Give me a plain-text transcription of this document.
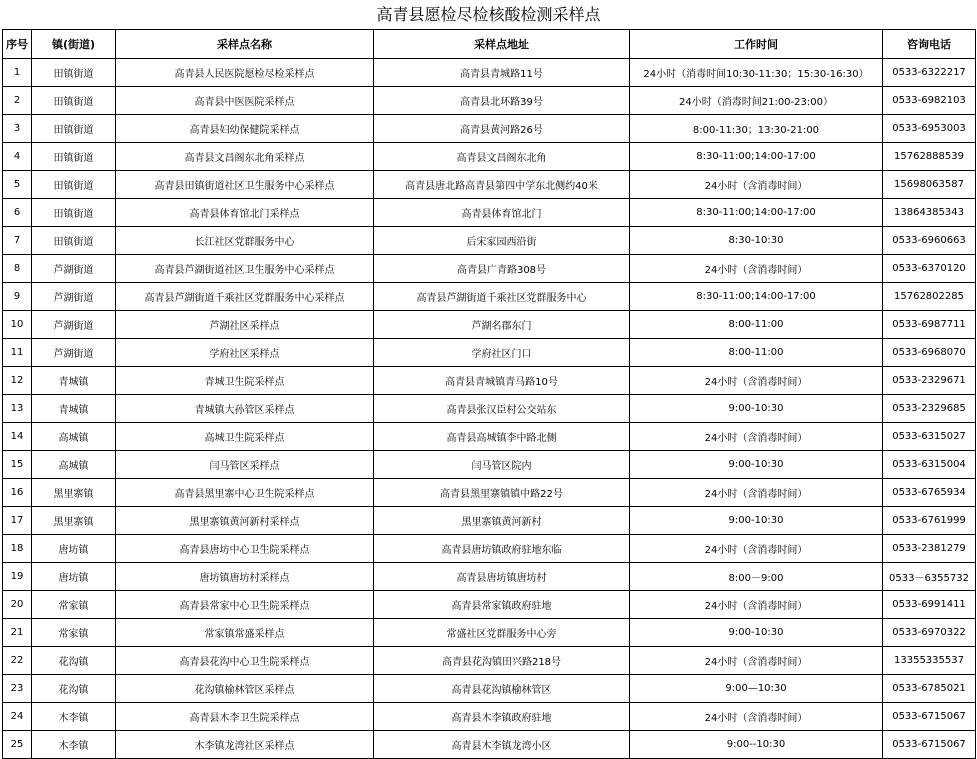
高青县愿检尽检核酸检测采样点
序号	镇(街道)	采样点名称	采样点地址	工作时间	咨询电话
1	田镇街道	高青县人民医院愿检尽检采样点	高青县青城路11号	24小时（消毒时间10:30-11:30；15:30-16:30）	0533-6322217
2	田镇街道	高青县中医医院采样点	高青县北环路39号	24小时（消毒时间21:00-23:00）	0533-6982103
3	田镇街道	高青县妇幼保健院采样点	高青县黄河路26号	8:00-11:30；13:30-21:00	0533-6953003
4	田镇街道	高青县文昌阁东北角采样点	高青县文昌阁东北角	8:30-11:00;14:00-17:00	15762888539
5	田镇街道	高青县田镇街道社区卫生服务中心采样点	高青县唐北路高青县第四中学东北侧约40米	24小时（含消毒时间）	15698063587
6	田镇街道	高青县体育馆北门采样点	高青县体育馆北门	8:30-11:00;14:00-17:00	13864385343
7	田镇街道	长江社区党群服务中心	后宋家园西沿街	8:30-10:30	0533-6960663
8	芦湖街道	高青县芦湖街道社区卫生服务中心采样点	高青县广青路308号	24小时（含消毒时间）	0533-6370120
9	芦湖街道	高青县芦湖街道千乘社区党群服务中心采样点	高青县芦湖街道千乘社区党群服务中心	8:30-11:00;14:00-17:00	15762802285
10	芦湖街道	芦湖社区采样点	芦湖名郡东门	8:00-11:00	0533-6987711
11	芦湖街道	学府社区采样点	学府社区门口	8:00-11:00	0533-6968070
12	青城镇	青城卫生院采样点	高青县青城镇青马路10号	24小时（含消毒时间）	0533-2329671
13	青城镇	青城镇大孙管区采样点	高青县张汉臣村公交站东	9:00-10:30	0533-2329685
14	高城镇	高城卫生院采样点	高青县高城镇李中路北侧	24小时（含消毒时间）	0533-6315027
15	高城镇	闫马管区采样点	闫马管区院内	9:00-10:30	0533-6315004
16	黑里寨镇	高青县黑里寨中心卫生院采样点	高青县黑里寨镇镇中路22号	24小时（含消毒时间）	0533-6765934
17	黑里寨镇	黑里寨镇黄河新村采样点	黑里寨镇黄河新村	9:00-10:30	0533-6761999
18	唐坊镇	高青县唐坊中心卫生院采样点	高青县唐坊镇政府驻地东临	24小时（含消毒时间）	0533-2381279
19	唐坊镇	唐坊镇唐坊村采样点	高青县唐坊镇唐坊村	8:00－9:00	0533－6355732
20	常家镇	高青县常家中心卫生院采样点	高青县常家镇政府驻地	24小时（含消毒时间）	0533-6991411
21	常家镇	常家镇常盛采样点	常盛社区党群服务中心旁	9:00-10:30	0533-6970322
22	花沟镇	高青县花沟中心卫生院采样点	高青县花沟镇田兴路218号	24小时（含消毒时间）	13355335537
23	花沟镇	花沟镇榆林管区采样点	高青县花沟镇榆林管区	9:00—10:30	0533-6785021
24	木李镇	高青县木李卫生院采样点	高青县木李镇政府驻地	24小时（含消毒时间）	0533-6715067
25	木李镇	木李镇龙湾社区采样点	高青县木李镇龙湾小区	9:00--10:30	0533-6715067
